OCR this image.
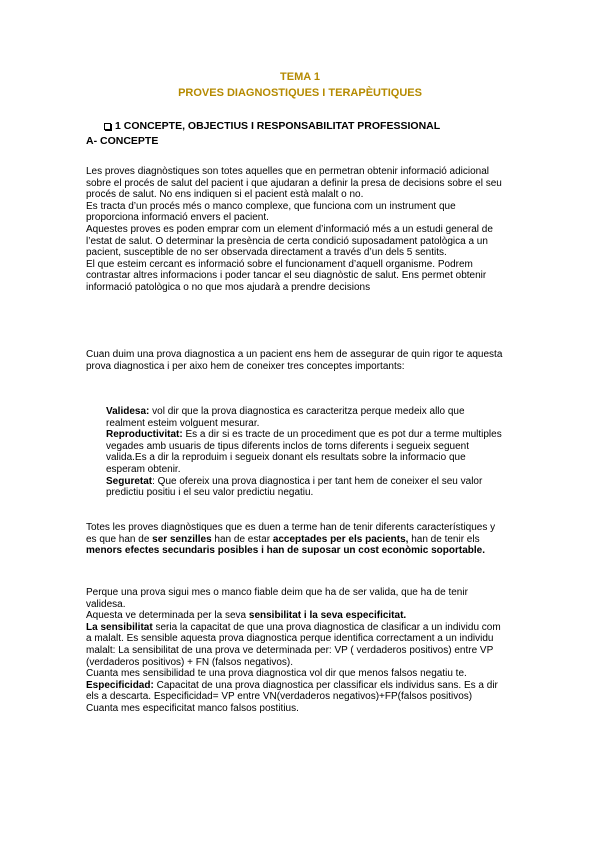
TEMA 1
PROVES DIAGNOSTIQUES I TERAPÈUTIQUES
1 CONCEPTE, OBJECTIUS I RESPONSABILITAT PROFESSIONAL
A- CONCEPTE

Les proves diagnòstiques son totes aquelles que en permetran obtenir informació adicional sobre el procés de salut del pacient i que ajudaran a definir la presa de decisions sobre el seu procés de salut. No ens indiquen si el pacient està malalt o no.

Es tracta d’un procés més o manco complexe, que funciona com un instrument que proporciona informació envers el pacient.

Aquestes proves es poden emprar com un element d’informació més a un estudi general de l’estat de salut. O determinar la presència de certa condició suposadament patològica a un pacient, susceptible de no ser observada directament a través d’un dels 5 sentits.

El que esteim cercant es informació sobre el funcionament d’aquell organisme. Podrem contrastar altres informacions i poder tancar el seu diagnòstic de salut. Ens permet obtenir informació patològica o no que mos ajudarà a prendre decisions

Cuan duim una prova diagnostica a un pacient ens hem de assegurar de quin rigor te aquesta prova diagnostica i per aixo hem de coneixer tres conceptes importants:

Validesa: vol dir que la prova diagnostica es caracteritza perque medeix allo que realment esteim volguent mesurar.

Reproductivitat: Es a dir si es tracte de un procediment que es pot dur a terme multiples vegades amb usuaris de tipus diferents inclos de torns diferents i segueix seguent valida.Es a dir la reproduim i segueix donant els resultats sobre la informacio que esperam obtenir.

Seguretat: Que ofereix una prova diagnostica i per tant hem de coneixer el seu valor predictiu positiu i el seu valor predictiu negatiu.

Totes les proves diagnòstiques que es duen a terme han de tenir diferents característiques y es que han de ser senzilles han de estar acceptades per els pacients, han de tenir els menors efectes secundaris posibles i han de suposar un cost econòmic soportable.

Perque una prova sigui mes o manco fiable deim que ha de ser valida, que ha de tenir validesa.

Aquesta ve determinada per la seva sensibilitat i la seva especificitat.

La sensibilitat seria la capacitat de que una prova diagnostica de clasificar a un individu com a malalt. Es sensible aquesta prova diagnostica perque identifica correctament a un individu malalt: La sensibilitat de una prova ve determinada per: VP ( verdaderos positivos) entre VP (verdaderos positivos) + FN (falsos negativos).

Cuanta mes sensibilidad te una prova diagnostica vol dir que menos falsos negatiu te.

Especificidad: Capacitat de una prova diagnostica per classificar els individus sans. Es a dir els a descarta. Especificidad= VP entre VN(verdaderos negativos)+FP(falsos positivos)

Cuanta mes especificitat manco falsos postitius.
